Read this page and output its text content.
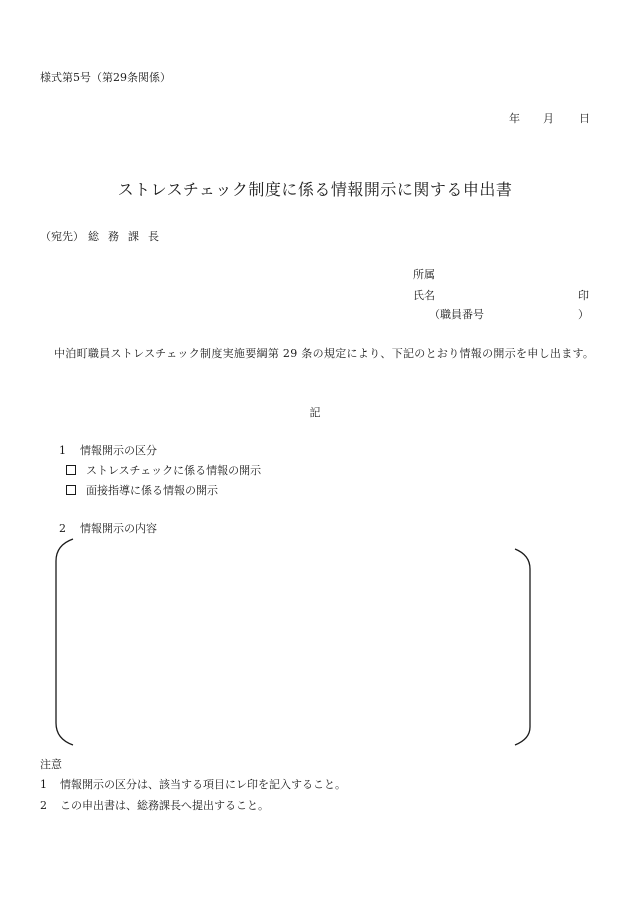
様式第5号（第29条関係）
年 月 日
ストレスチェック制度に係る情報開示に関する申出書
（宛先） 総務課長
所属
氏名	印
（職員番号	）
中泊町職員ストレスチェック制度実施要綱第 29 条の規定により、下記のとおり情報の開示を申し出ます。
記
1 情報開示の区分
ストレスチェックに係る情報の開示
面接指導に係る情報の開示
2 情報開示の内容
注意
1 情報開示の区分は、該当する項目にレ印を記入すること。
2 この申出書は、総務課長へ提出すること。
